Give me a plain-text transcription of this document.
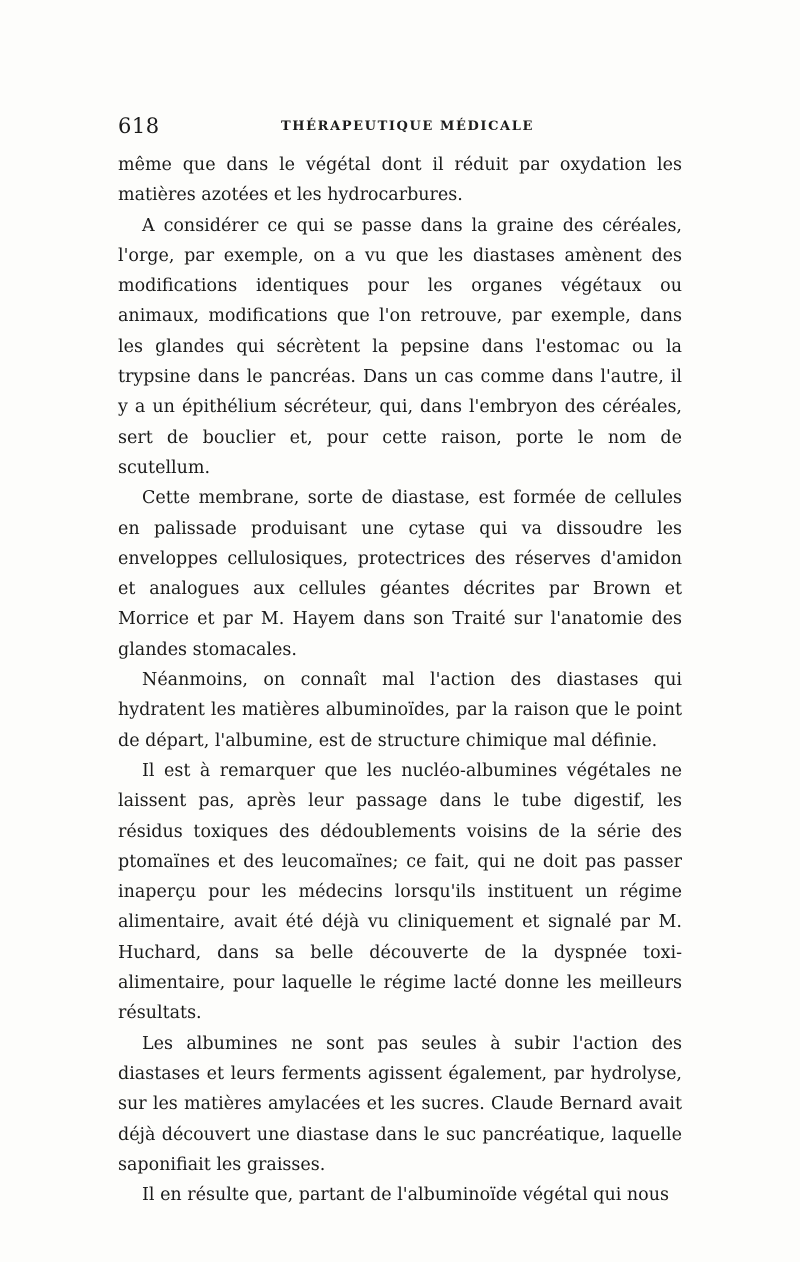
618	THÉRAPEUTIQUE MÉDICALE

même que dans le végétal dont il réduit par oxydation les matières azotées et les hydrocarbures.

A considérer ce qui se passe dans la graine des céréales, l'orge, par exemple, on a vu que les diastases amènent des modifications identiques pour les organes végétaux ou animaux, modifications que l'on retrouve, par exemple, dans les glandes qui sécrètent la pepsine dans l'estomac ou la trypsine dans le pancréas. Dans un cas comme dans l'autre, il y a un épithélium sécréteur, qui, dans l'embryon des céréales, sert de bouclier et, pour cette raison, porte le nom de scutellum.

Cette membrane, sorte de diastase, est formée de cellules en palissade produisant une cytase qui va dissoudre les enveloppes cellulosiques, protectrices des réserves d'amidon et analogues aux cellules géantes décrites par Brown et Morrice et par M. Hayem dans son Traité sur l'anatomie des glandes stomacales.

Néanmoins, on connaît mal l'action des diastases qui hydratent les matières albuminoïdes, par la raison que le point de départ, l'albumine, est de structure chimique mal définie.

Il est à remarquer que les nucléo-albumines végétales ne laissent pas, après leur passage dans le tube digestif, les résidus toxiques des dédoublements voisins de la série des ptomaïnes et des leucomaïnes; ce fait, qui ne doit pas passer inaperçu pour les médecins lorsqu'ils instituent un régime alimentaire, avait été déjà vu cliniquement et signalé par M. Huchard, dans sa belle découverte de la dyspnée toxi-alimentaire, pour laquelle le régime lacté donne les meilleurs résultats.

Les albumines ne sont pas seules à subir l'action des diastases et leurs ferments agissent également, par hydrolyse, sur les matières amylacées et les sucres. Claude Bernard avait déjà découvert une diastase dans le suc pancréatique, laquelle saponifiait les graisses.

Il en résulte que, partant de l'albuminoïde végétal qui nous
